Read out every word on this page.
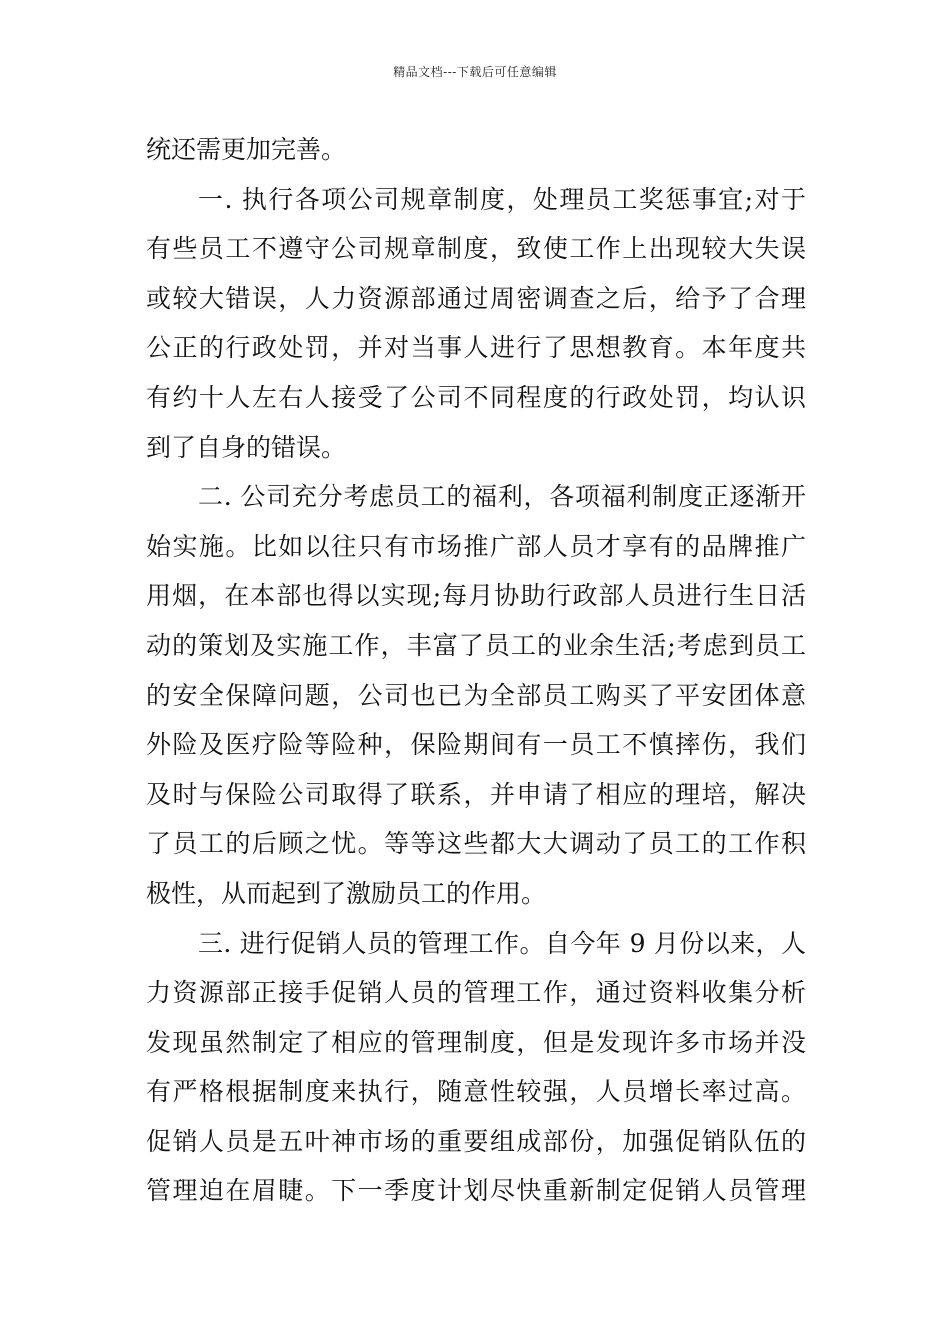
精品文档---下载后可任意编辑
统还需更加完善。
一. 执行各项公司规章制度，处理员工奖惩事宜;对于
有些员工不遵守公司规章制度，致使工作上出现较大失误
或较大错误，人力资源部通过周密调查之后，给予了合理
公正的行政处罚，并对当事人进行了思想教育。本年度共
有约十人左右人接受了公司不同程度的行政处罚，均认识
到了自身的错误。
二. 公司充分考虑员工的福利，各项福利制度正逐渐开
始实施。比如以往只有市场推广部人员才享有的品牌推广
用烟，在本部也得以实现;每月协助行政部人员进行生日活
动的策划及实施工作，丰富了员工的业余生活;考虑到员工
的安全保障问题，公司也已为全部员工购买了平安团体意
外险及医疗险等险种，保险期间有一员工不慎摔伤，我们
及时与保险公司取得了联系，并申请了相应的理培，解决
了员工的后顾之忧。等等这些都大大调动了员工的工作积
极性，从而起到了激励员工的作用。
三. 进行促销人员的管理工作。自今年 9 月份以来，人
力资源部正接手促销人员的管理工作，通过资料收集分析
发现虽然制定了相应的管理制度，但是发现许多市场并没
有严格根据制度来执行，随意性较强，人员增长率过高。
促销人员是五叶神市场的重要组成部份，加强促销队伍的
管理迫在眉睫。下一季度计划尽快重新制定促销人员管理
